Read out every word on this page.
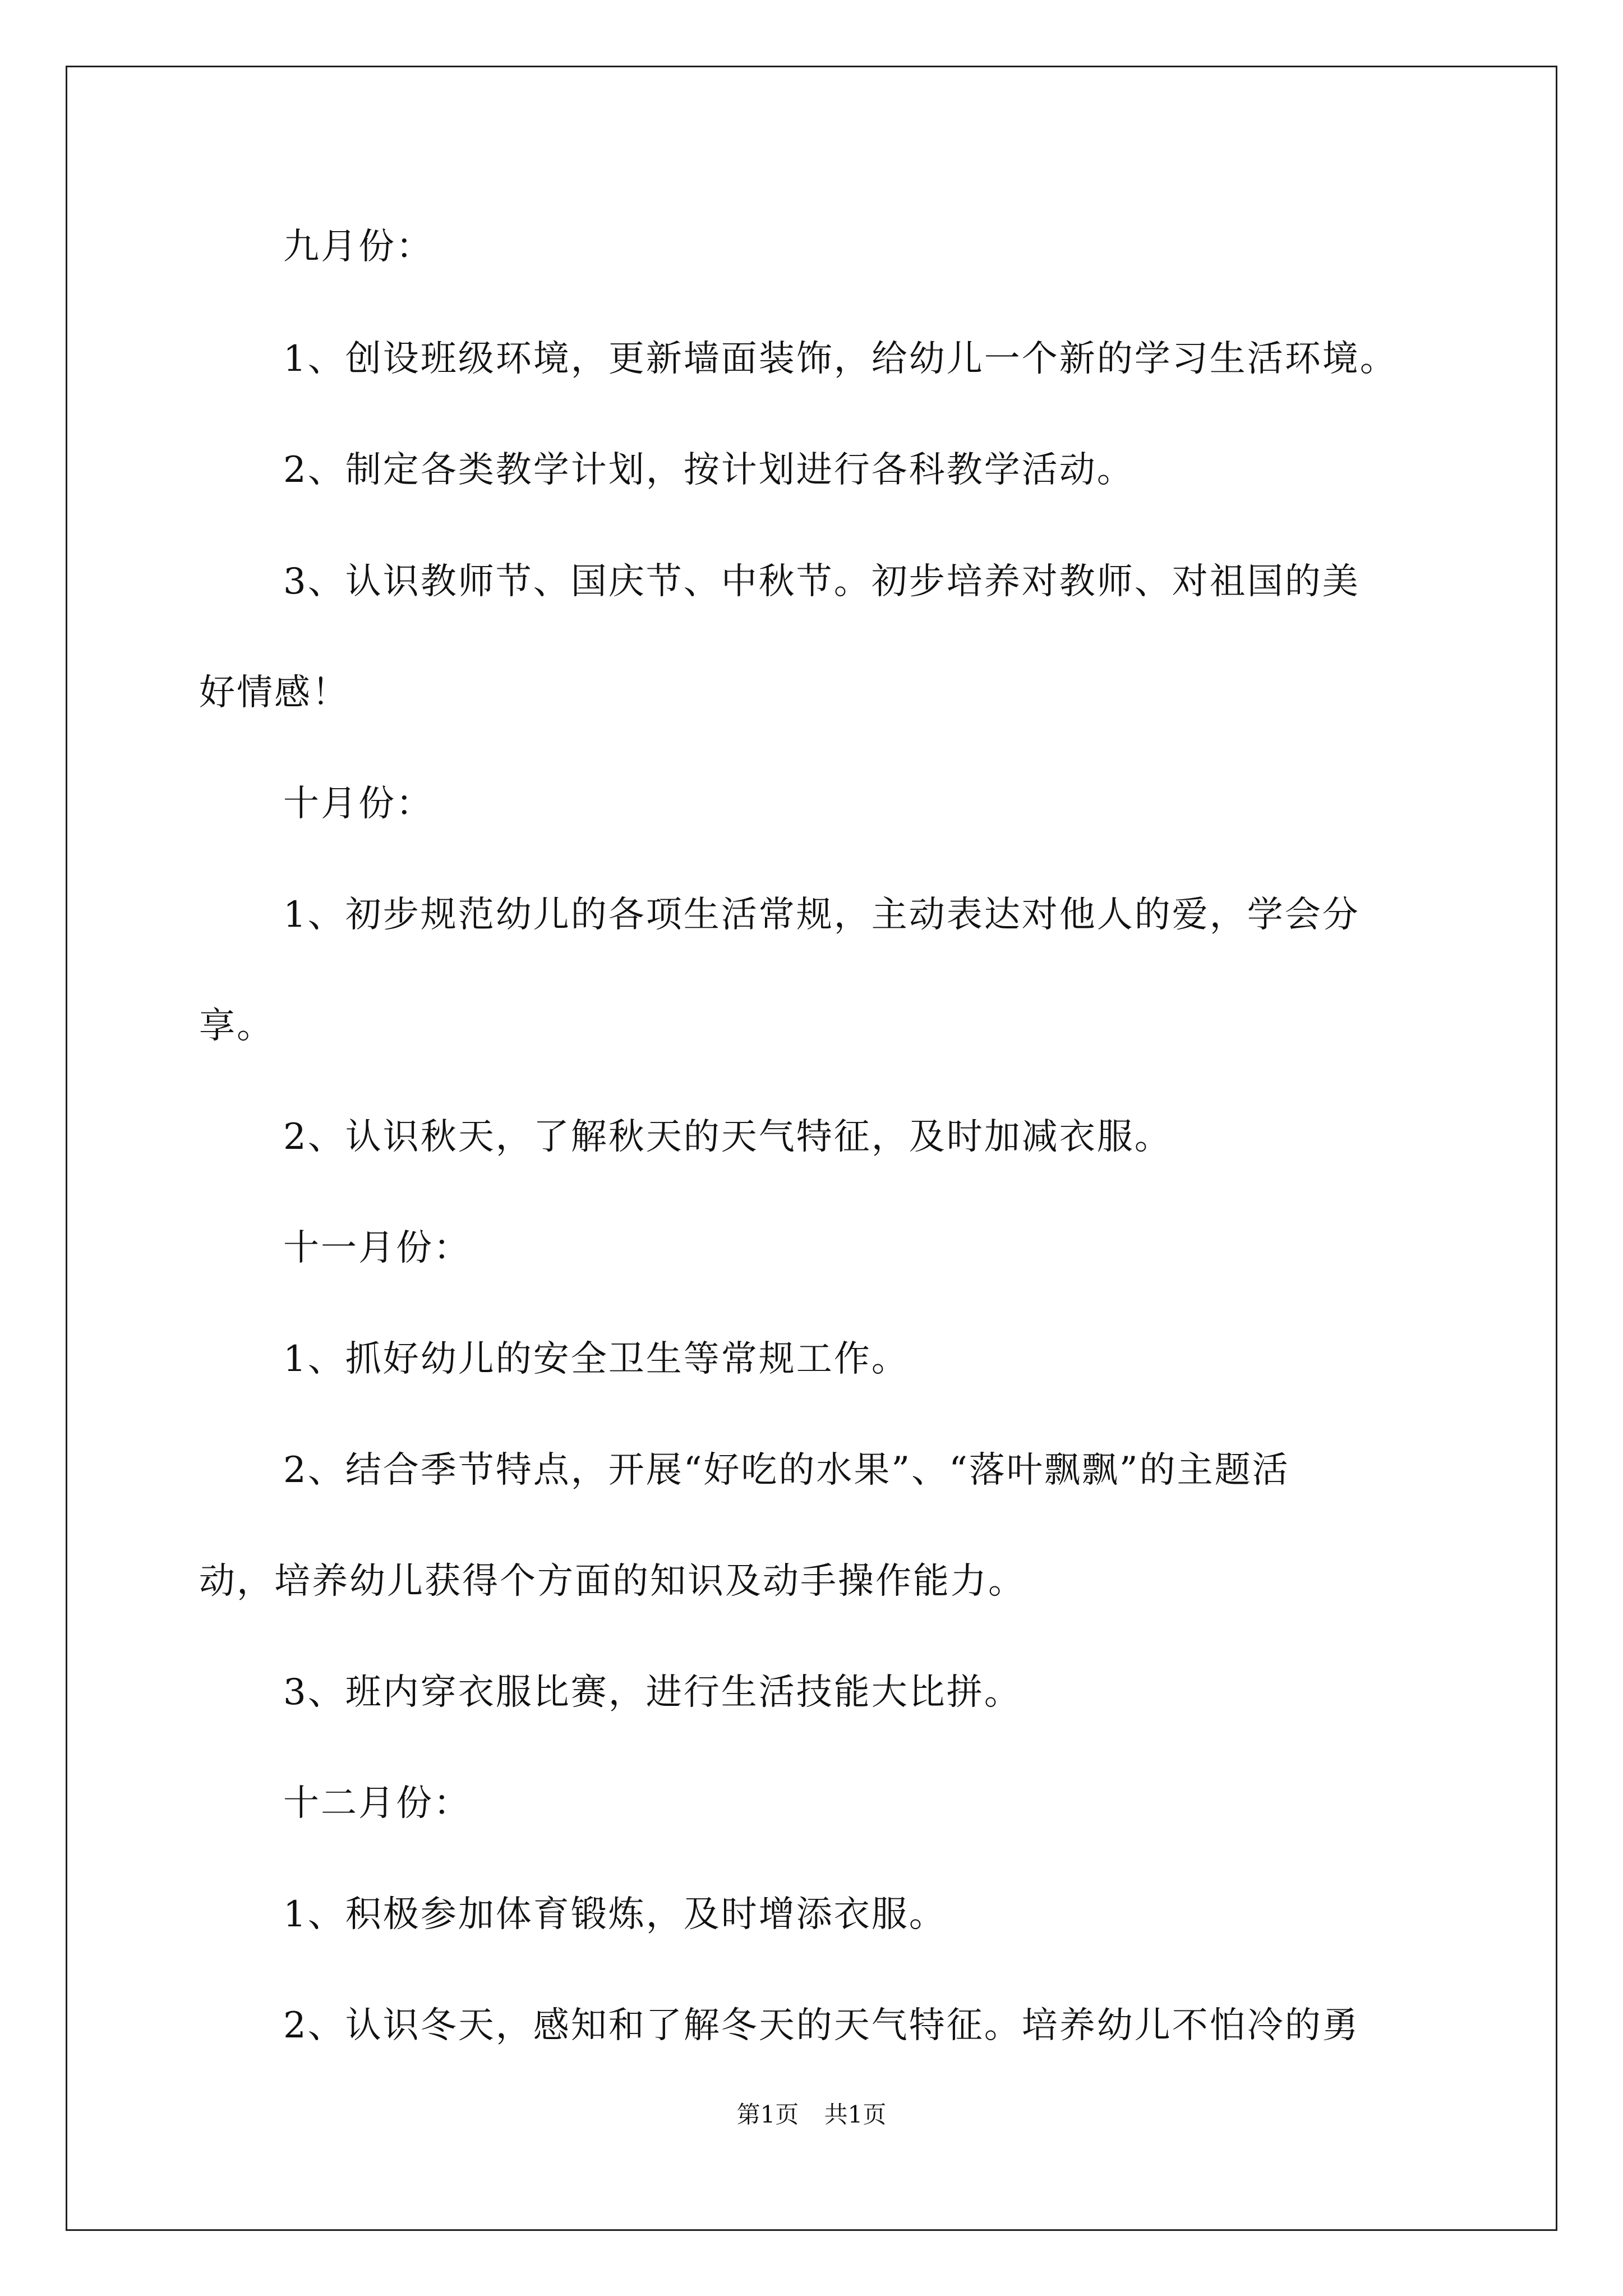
九月份：
1、创设班级环境，更新墙面装饰，给幼儿一个新的学习生活环境。
2、制定各类教学计划，按计划进行各科教学活动。
3、认识教师节、国庆节、中秋节。初步培养对教师、对祖国的美
好情感！
十月份：
1、初步规范幼儿的各项生活常规，主动表达对他人的爱，学会分
享。
2、认识秋天，了解秋天的天气特征，及时加减衣服。
十一月份：
1、抓好幼儿的安全卫生等常规工作。
2、结合季节特点，开展“好吃的水果”、“落叶飘飘”的主题活
动，培养幼儿获得个方面的知识及动手操作能力。
3、班内穿衣服比赛，进行生活技能大比拼。
十二月份：
1、积极参加体育锻炼，及时增添衣服。
2、认识冬天，感知和了解冬天的天气特征。培养幼儿不怕冷的勇
第1页 共1页
